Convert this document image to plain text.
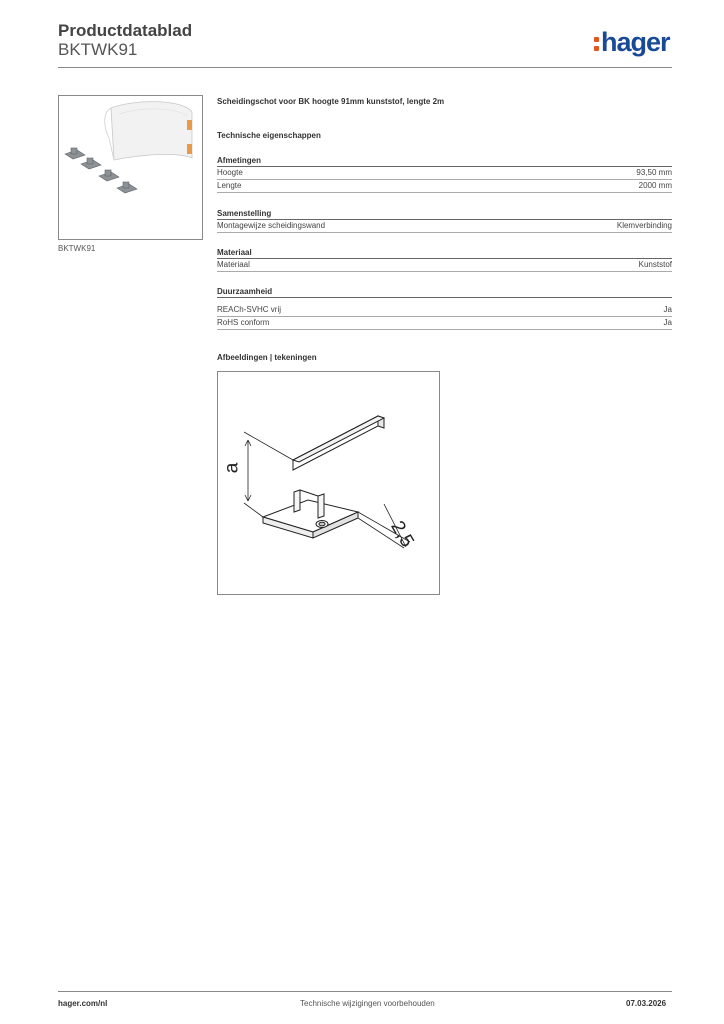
Productdatablad
BKTWK91	hager
BKTWK91
Scheidingschot voor BK hoogte 91mm kunststof, lengte 2m
Technische eigenschappen
Afmetingen
Hoogte	93,50 mm
Lengte	2000 mm
Samenstelling
Montagewijze scheidingswand	Klemverbinding
Materiaal
Materiaal	Kunststof
Duurzaamheid
REACh-SVHC vrij	Ja
RoHS conform	Ja
Afbeeldingen | tekeningen
a
2,5
hager.com/nl	Technische wijzigingen voorbehouden	07.03.2026
